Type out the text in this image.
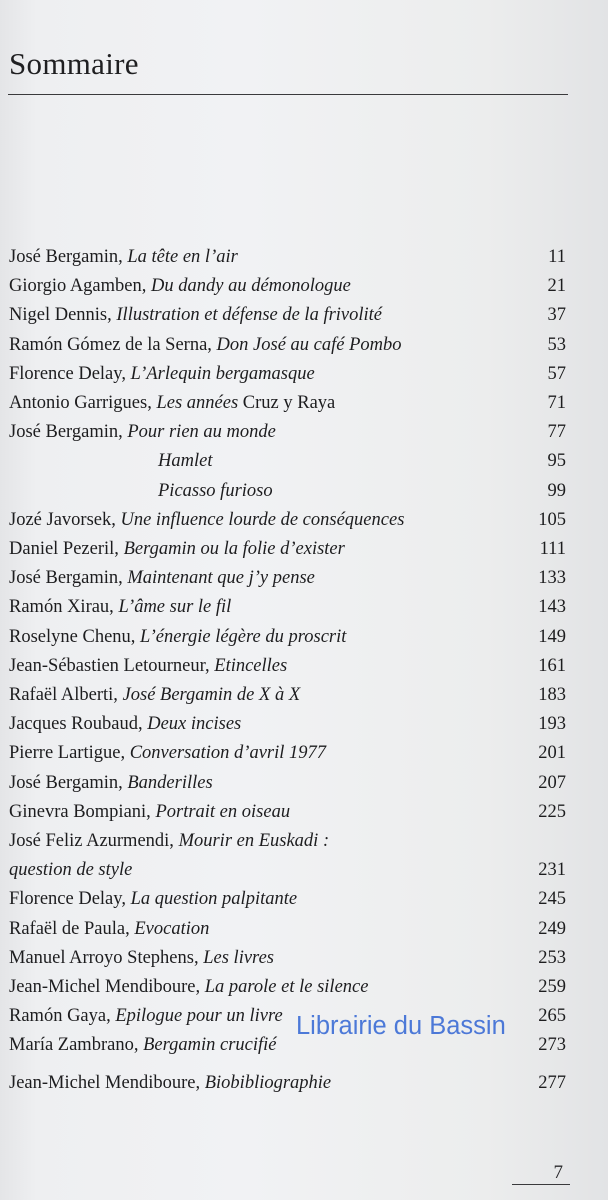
Sommaire
José Bergamin, La tête en l’air	11
Giorgio Agamben, Du dandy au démonologue	21
Nigel Dennis, Illustration et défense de la frivolité	37
Ramón Gómez de la Serna, Don José au café Pombo	53
Florence Delay, L’Arlequin bergamasque	57
Antonio Garrigues, Les années Cruz y Raya	71
José Bergamin, Pour rien au monde	77
Hamlet	95
Picasso furioso	99
Jozé Javorsek, Une influence lourde de conséquences	105
Daniel Pezeril, Bergamin ou la folie d’exister	111
José Bergamin, Maintenant que j’y pense	133
Ramón Xirau, L’âme sur le fil	143
Roselyne Chenu, L’énergie légère du proscrit	149
Jean-Sébastien Letourneur, Etincelles	161
Rafaël Alberti, José Bergamin de X à X	183
Jacques Roubaud, Deux incises	193
Pierre Lartigue, Conversation d’avril 1977	201
José Bergamin, Banderilles	207
Ginevra Bompiani, Portrait en oiseau	225
José Feliz Azurmendi, Mourir en Euskadi :
question de style	231
Florence Delay, La question palpitante	245
Rafaël de Paula, Evocation	249
Manuel Arroyo Stephens, Les livres	253
Jean-Michel Mendiboure, La parole et le silence	259
Ramón Gaya, Epilogue pour un livre	265
María Zambrano, Bergamin crucifié	273
Jean-Michel Mendiboure, Biobibliographie	277
7
Librairie du Bassin
